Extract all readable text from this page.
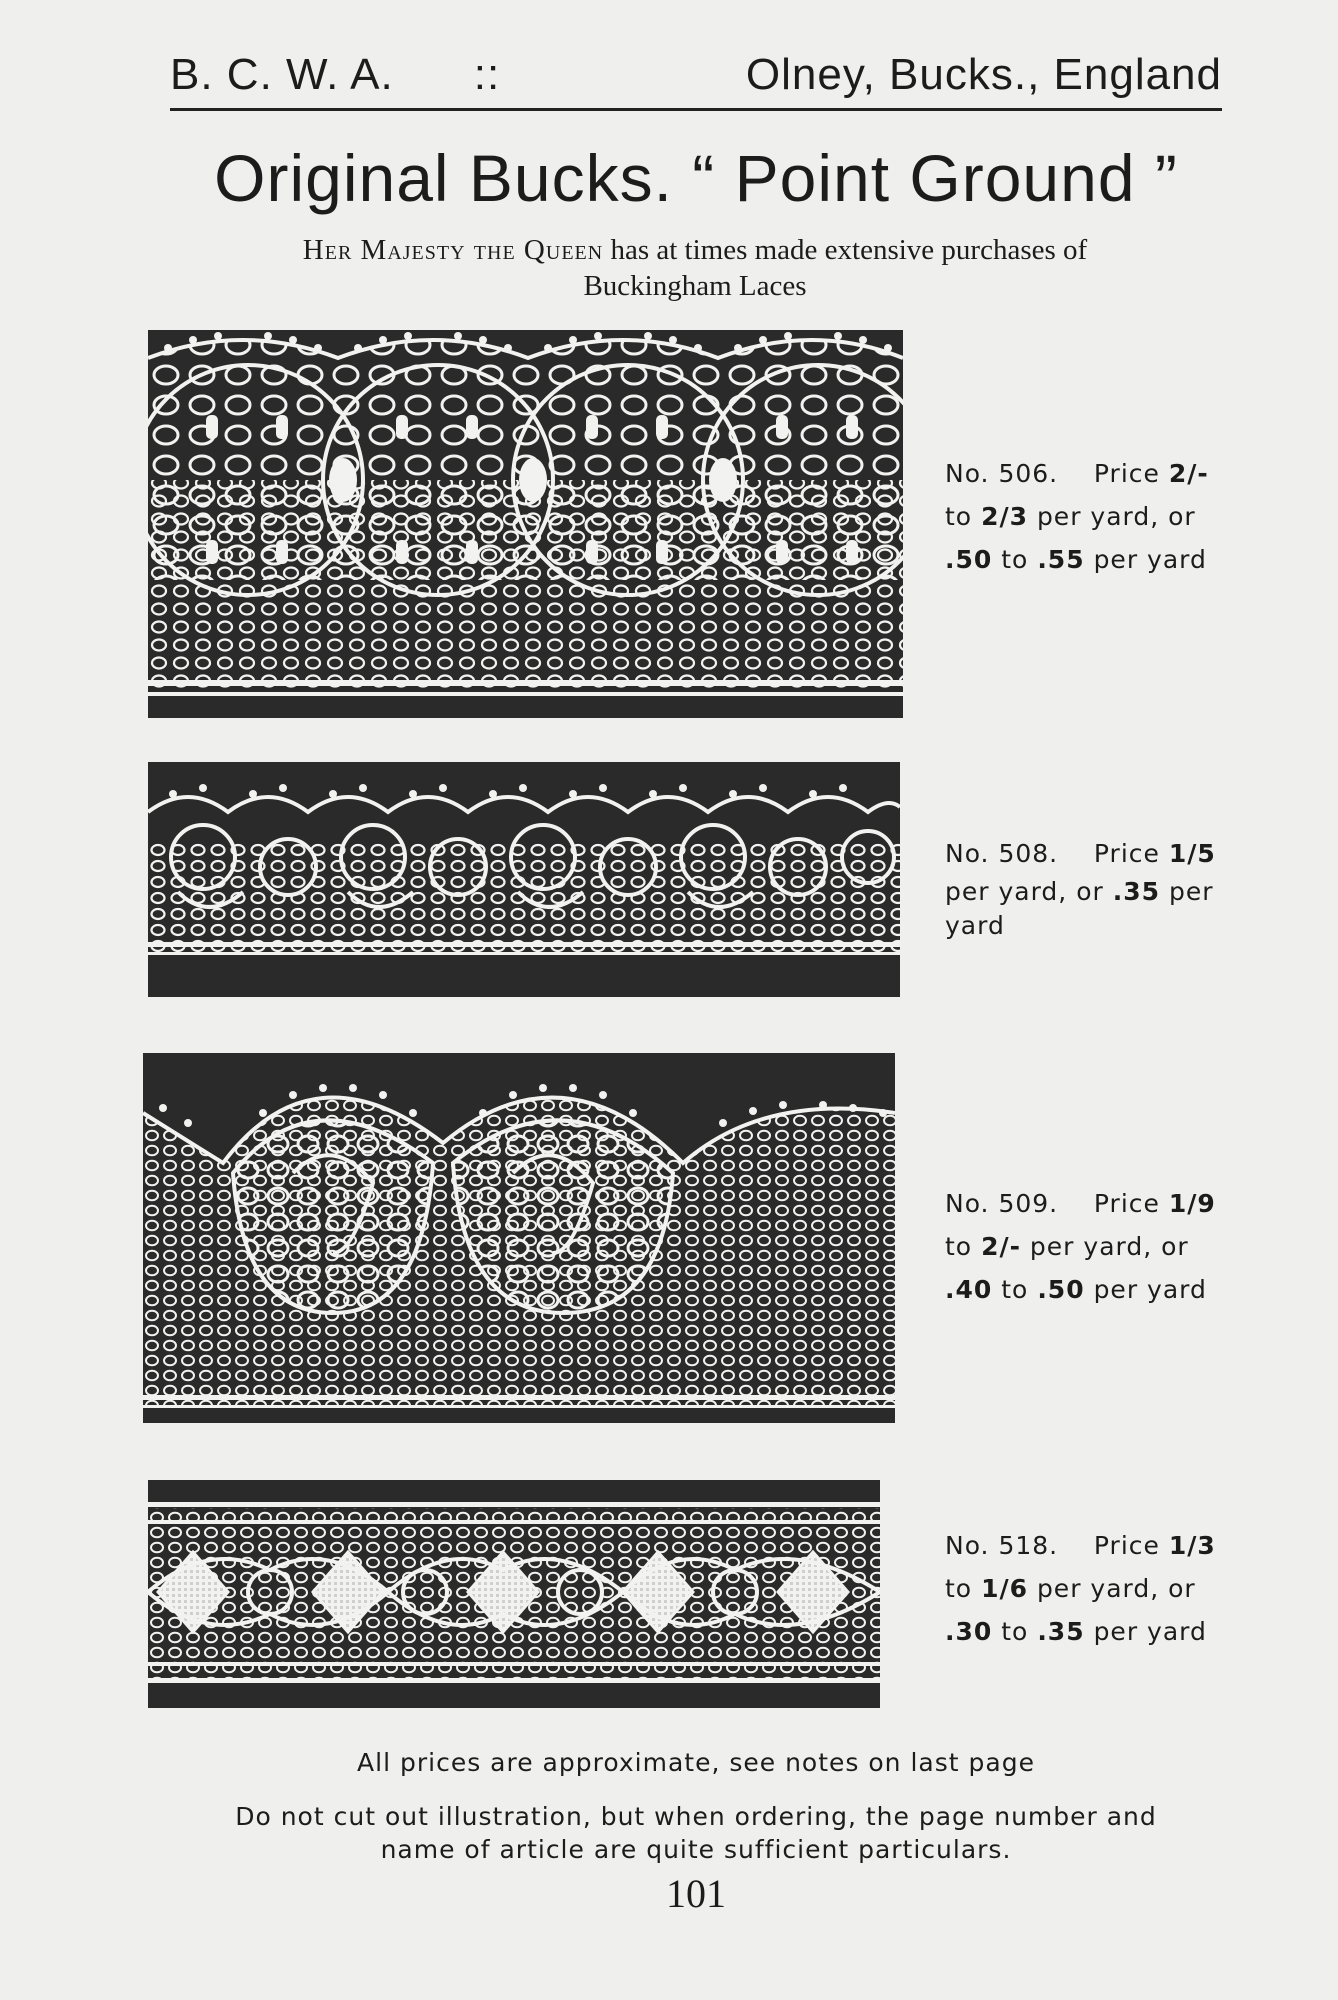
B. C. W. A. ::	Olney, Bucks., England
Original Bucks. “ Point Ground ”
Her Majesty the Queen has at times made extensive purchases of
Buckingham Laces
No. 506. Price 2/-
to 2/3 per yard, or
.50 to .55 per yard
No. 508. Price 1/5
per yard, or .35 per
yard
No. 509. Price 1/9
to 2/- per yard, or
.40 to .50 per yard
No. 518. Price 1/3
to 1/6 per yard, or
.30 to .35 per yard
All prices are approximate, see notes on last page
Do not cut out illustration, but when ordering, the page number and
name of article are quite sufficient particulars.
101
